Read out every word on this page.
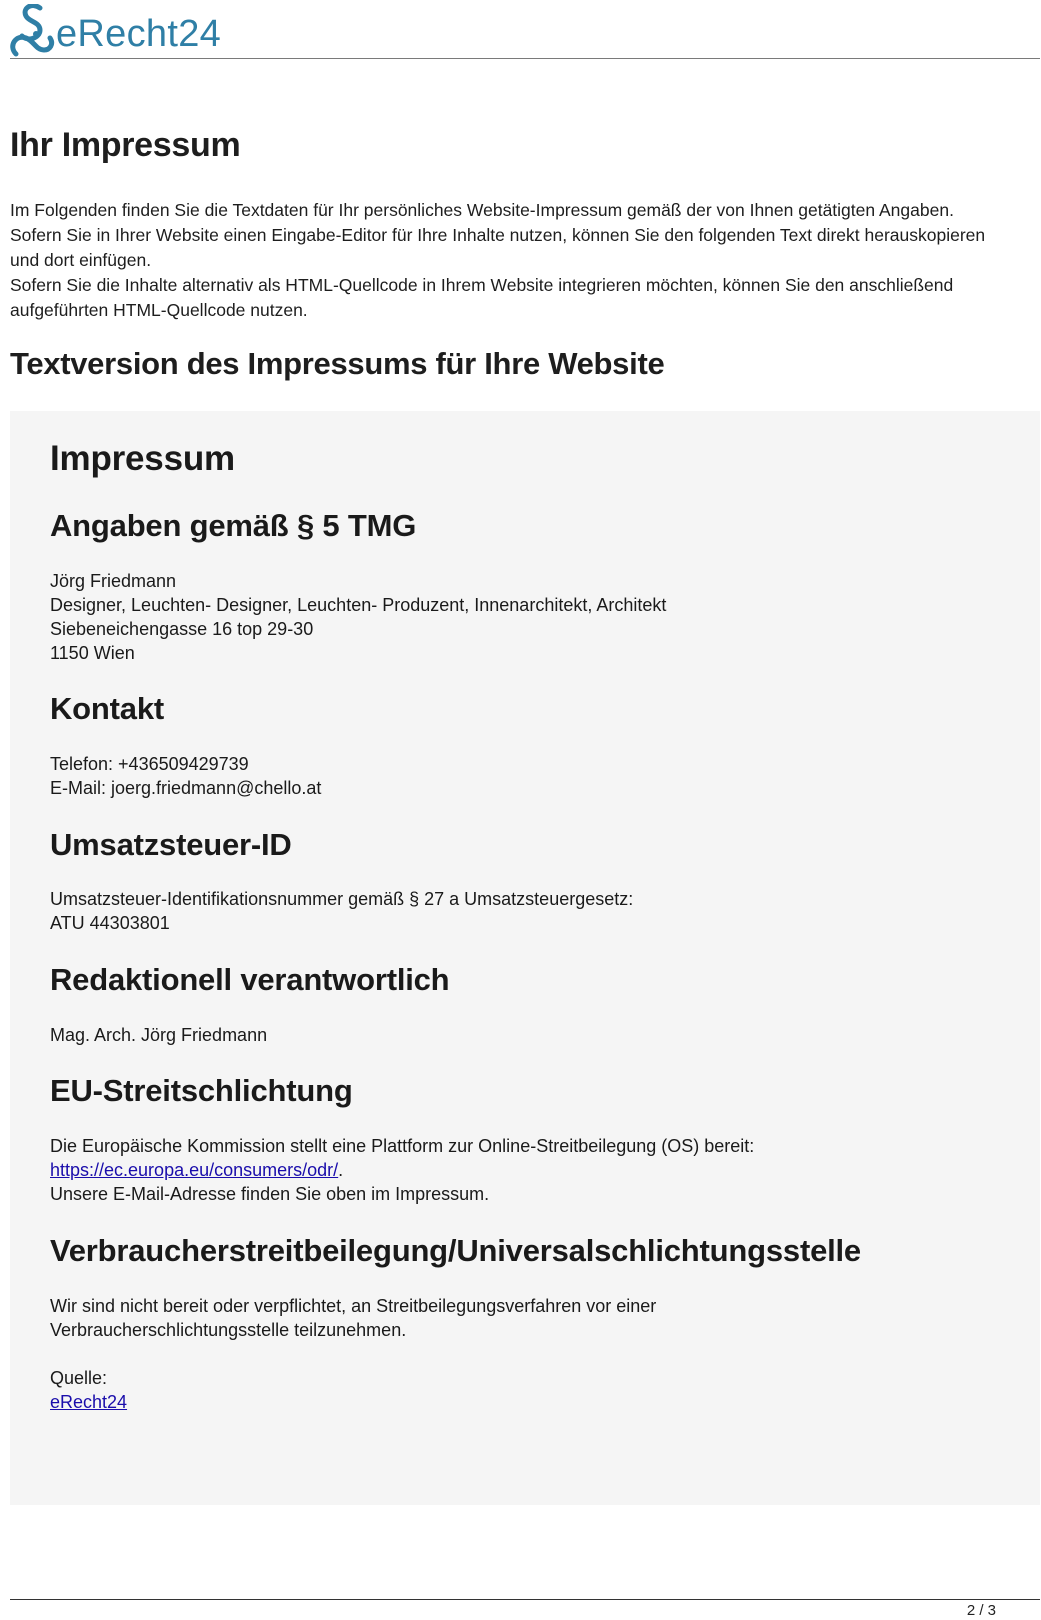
eRecht24
Ihr Impressum

Im Folgenden finden Sie die Textdaten für Ihr persönliches Website-Impressum gemäß der von Ihnen getätigten Angaben. Sofern Sie in Ihrer Website einen Eingabe-Editor für Ihre Inhalte nutzen, können Sie den folgenden Text direkt herauskopieren und dort einfügen.

Sofern Sie die Inhalte alternativ als HTML-Quellcode in Ihrem Website integrieren möchten, können Sie den anschließend aufgeführten HTML-Quellcode nutzen.

Textversion des Impressums für Ihre Website
Impressum
Angaben gemäß § 5 TMG

Jörg Friedmann

Designer, Leuchten- Designer, Leuchten- Produzent, Innenarchitekt, Architekt

Siebeneichengasse 16 top 29-30

1150 Wien

Kontakt

Telefon: +436509429739

E-Mail: joerg.friedmann@chello.at

Umsatzsteuer-ID

Umsatzsteuer-Identifikationsnummer gemäß § 27 a Umsatzsteuergesetz:

ATU 44303801

Redaktionell verantwortlich

Mag. Arch. Jörg Friedmann

EU-Streitschlichtung

Die Europäische Kommission stellt eine Plattform zur Online-Streitbeilegung (OS) bereit:

https://ec.europa.eu/consumers/odr/.

Unsere E-Mail-Adresse finden Sie oben im Impressum.

Verbraucherstreitbeilegung/Universalschlichtungsstelle

Wir sind nicht bereit oder verpflichtet, an Streitbeilegungsverfahren vor einer

Verbraucherschlichtungsstelle teilzunehmen.

Quelle:

eRecht24

2 / 3
